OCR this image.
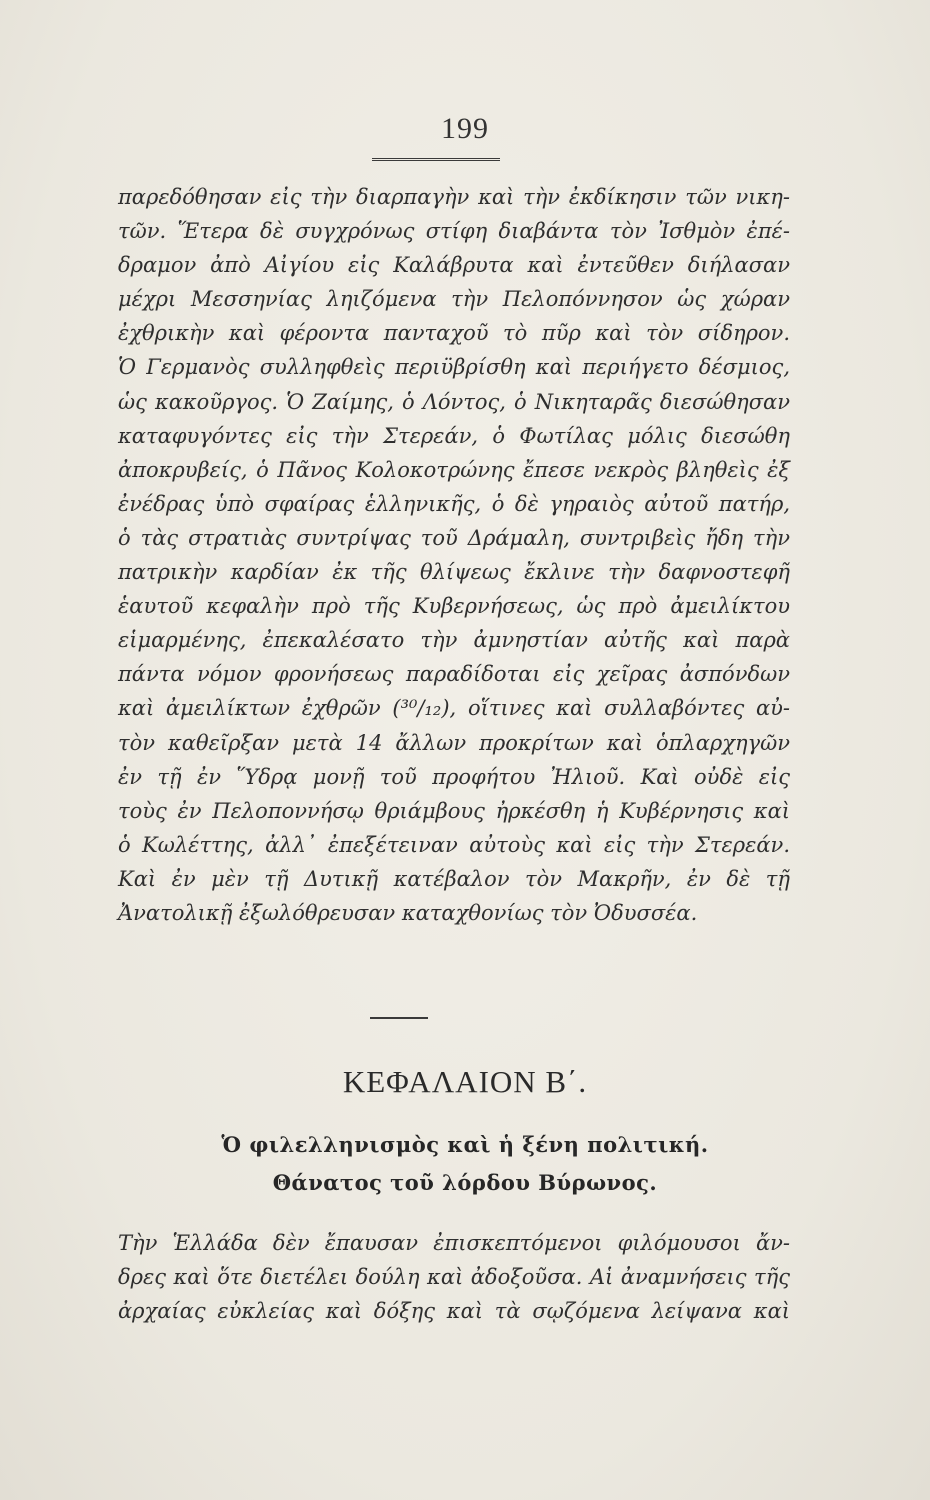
199
παρεδόθησαν εἰς τὴν διαρπαγὴν καὶ τὴν ἐκδίκησιν τῶν νικη-
τῶν. Ἕτερα δὲ συγχρόνως στίφη διαβάντα τὸν Ἰσθμὸν ἐπέ-
δραμον ἀπὸ Αἰγίου εἰς Καλάβρυτα καὶ ἐντεῦθεν διήλασαν
μέχρι Μεσσηνίας ληιζόμενα τὴν Πελοπόννησον ὡς χώραν
ἐχθρικὴν καὶ φέροντα πανταχοῦ τὸ πῦρ καὶ τὸν σίδηρον.
Ὁ Γερμανὸς συλληφθεὶς περιϋβρίσθη καὶ περιήγετο δέσμιος,
ὡς κακοῦργος. Ὁ Ζαίμης, ὁ Λόντος, ὁ Νικηταρᾶς διεσώθησαν
καταφυγόντες εἰς τὴν Στερεάν, ὁ Φωτίλας μόλις διεσώθη
ἀποκρυβείς, ὁ Πᾶνος Κολοκοτρώνης ἔπεσε νεκρὸς βληθεὶς ἐξ
ἐνέδρας ὑπὸ σφαίρας ἑλληνικῆς, ὁ δὲ γηραιὸς αὐτοῦ πατήρ,
ὁ τὰς στρατιὰς συντρίψας τοῦ Δράμαλη, συντριβεὶς ἤδη τὴν
πατρικὴν καρδίαν ἐκ τῆς θλίψεως ἔκλινε τὴν δαφνοστεφῆ
ἑαυτοῦ κεφαλὴν πρὸ τῆς Κυβερνήσεως, ὡς πρὸ ἀμειλίκτου
εἱμαρμένης, ἐπεκαλέσατο τὴν ἀμνηστίαν αὐτῆς καὶ παρὰ
πάντα νόμον φρονήσεως παραδίδοται εἰς χεῖρας ἀσπόνδων
καὶ ἀμειλίκτων ἐχθρῶν (³⁰/₁₂), οἵτινες καὶ συλλαβόντες αὐ-
τὸν καθεῖρξαν μετὰ 14 ἄλλων προκρίτων καὶ ὁπλαρχηγῶν
ἐν τῇ ἐν Ὕδρᾳ μονῇ τοῦ προφήτου Ἠλιοῦ. Καὶ οὐδὲ εἰς
τοὺς ἐν Πελοποννήσῳ θριάμβους ἠρκέσθη ἡ Κυβέρνησις καὶ
ὁ Κωλέττης, ἀλλ᾽ ἐπεξέτειναν αὐτοὺς καὶ εἰς τὴν Στερεάν.
Καὶ ἐν μὲν τῇ Δυτικῇ κατέβαλον τὸν Μακρῆν, ἐν δὲ τῇ
Ἀνατολικῇ ἐξωλόθρευσαν καταχθονίως τὸν Ὀδυσσέα.
ΚΕΦΑΛΑΙΟΝ Β΄.
Ὁ φιλελληνισμὸς καὶ ἡ ξένη πολιτική.
Θάνατος τοῦ λόρδου Βύρωνος.
Τὴν Ἑλλάδα δὲν ἔπαυσαν ἐπισκεπτόμενοι φιλόμουσοι ἄν-
δρες καὶ ὅτε διετέλει δούλη καὶ ἀδοξοῦσα. Αἱ ἀναμνήσεις τῆς
ἀρχαίας εὐκλείας καὶ δόξης καὶ τὰ σῳζόμενα λείψανα καὶ
